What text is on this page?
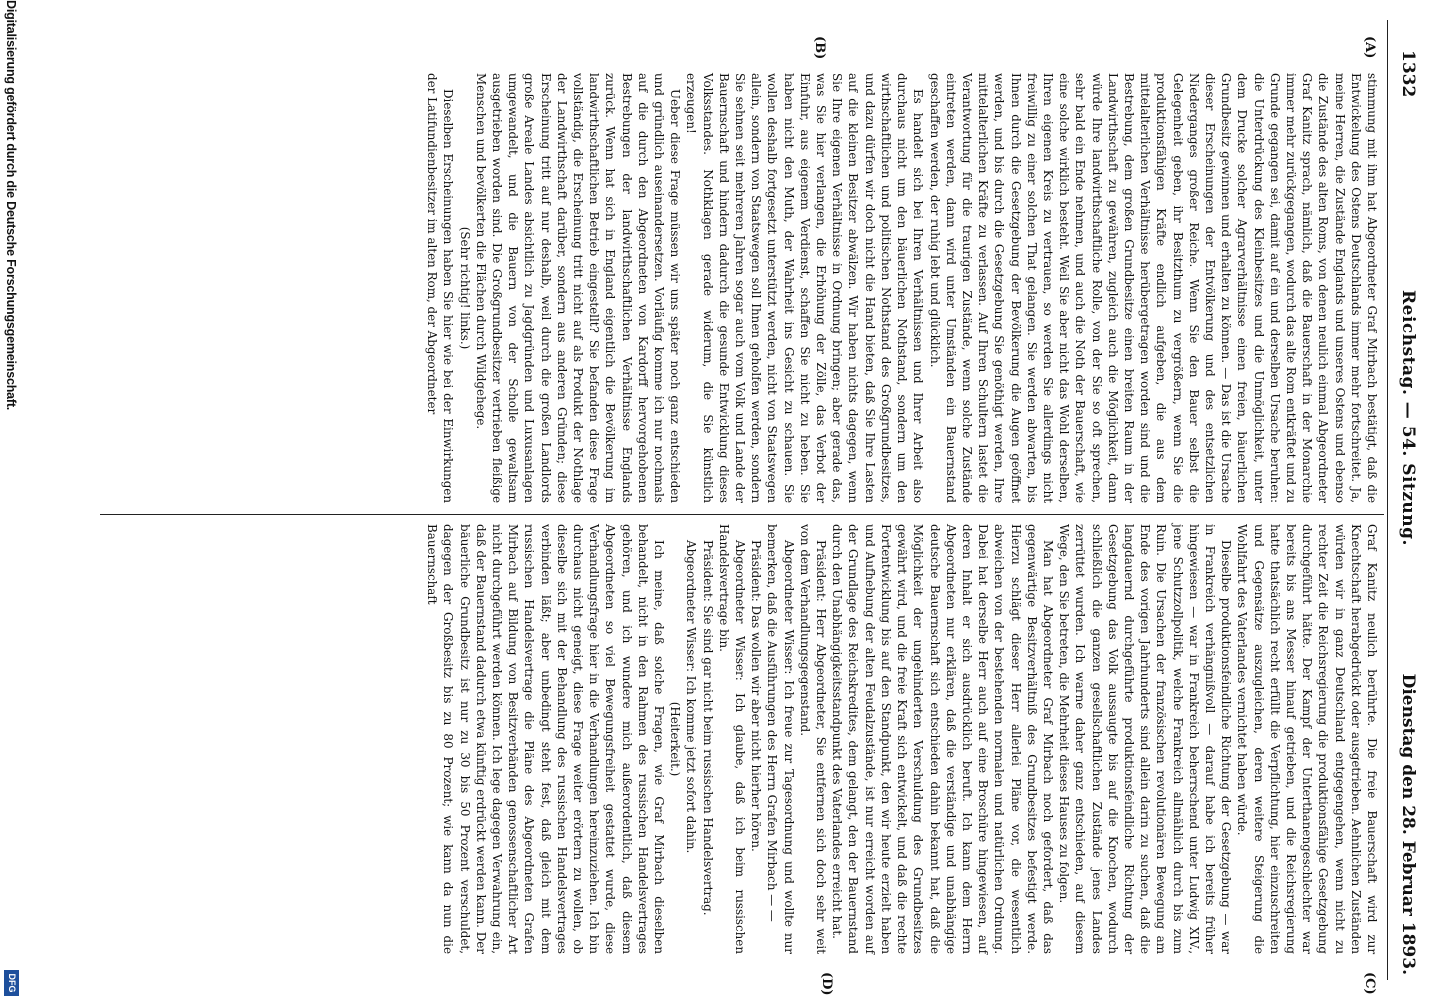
1332
Reichstag. — 54. Sitzung.
Dienstag den 28. Februar 1893.
(A)
(B)
(C)
(D)

stimmung mit ihm hat Abgeordneter Graf Mirbach bestätigt, daß die Entwickelung des Ostens Deutschlands immer mehr fortschreitet. Ja, meine Herren, die Zustände Englands und unseres Ostens und ebenso die Zustände des alten Roms, von denen neulich einmal Abgeordneter Graf Kanitz sprach, nämlich, daß die Bauerschaft in der Monarchie immer mehr zurückgegangen, wodurch das alte Rom entkräftet und zu Grunde gegangen sei, damit auf ein und derselben Ursache beruhen: die Unterdrückung des Kleinbesitzes und die Unmöglichkeit, unter dem Drucke solcher Agrarverhältnisse einen freien, bäuerlichen Grundbesitz gewinnen und erhalten zu können. — Das ist die Ursache dieser Erscheinungen der Entvölkerung und des entsetzlichen Niederganges großer Reiche. Wenn Sie den Bauer selbst die Gelegenheit geben, ihr Besitzthum zu vergrößern, wenn Sie die produktionsfähigen Kräfte endlich aufgeben, die aus dem mittelalterlichen Verhältnisse herübergetragen worden sind und die Bestrebung, dem großen Grundbesitze einen breiten Raum in der Landwirthschaft zu gewähren, zugleich auch die Möglichkeit, dann würde Ihre landwirthschaftliche Rolle, von der Sie so oft sprechen, sehr bald ein Ende nehmen, und auch die Noth der Bauerschaft, wie eine solche wirklich besteht. Weil Sie aber nicht das Wohl derselben, Ihren eigenen Kreis zu vertrauen, so werden Sie allerdings nicht freiwillig zu einer solchen That gelangen. Sie werden abwarten, bis Ihnen durch die Gesetzgebung der Bevölkerung die Augen geöffnet werden, und bis durch die Gesetzgebung Sie genöthigt werden, Ihre mittelalterlichen Kräfte zu verlassen. Auf Ihren Schultern lastet die Verantwortung für die traurigen Zustände, wenn solche Zustände eintreten werden, dann wird unter Umständen ein Bauernstand geschaffen werden, der ruhig lebt und glücklich.

Es handelt sich bei Ihren Verhältnissen und Ihrer Arbeit also durchaus nicht um den bäuerlichen Nothstand, sondern um den wirthschaftlichen und politischen Nothstand des Großgrundbesitzes, und dazu dürfen wir doch nicht die Hand bieten, daß Sie Ihre Lasten auf die kleinen Besitzer abwälzen. Wir haben nichts dagegen, wenn Sie Ihre eigenen Verhältnisse in Ordnung bringen; aber gerade das, was Sie hier verlangen, die Erhöhung der Zölle, das Verbot der Einfuhr, aus eigenem Verdienst, schaffen Sie nicht zu heben. Sie haben nicht den Muth, der Wahrheit ins Gesicht zu schauen. Sie wollen deshalb fortgesetzt unterstützt werden, nicht von Staatswegen allein, sondern von Staatswegen soll Ihnen geholfen werden, sondern Sie sehnen seit mehreren Jahren sogar auch vom Volk und Lande der Bauernschaft und hindern dadurch die gesunde Entwicklung dieses Volksstandes. Nothklagen gerade widerum, die Sie künstlich erzeugen!

Ueber diese Frage müssen wir uns später noch ganz entschieden und gründlich auseinandersetzen. Vorläufig komme ich nur nochmals auf die durch den Abgeordneten von Kardorff hervorgehobenen Bestrebungen der landwirthschaftlichen Verhältnisse Englands zurück. Wenn hat sich in England eigentlich die Bevölkerung im landwirthschaftlichen Betrieb eingestellt? Sie befanden diese Frage vollständig, die Erscheinung tritt nicht auf als Produkt der Nothlage der Landwirthschaft darüber, sondern aus anderen Gründen; diese Erscheinung tritt auf nur deshalb, weil durch die großen Landlords große Areale Landes absichtlich zu Jagdgründen und Luxusanlagen umgewandelt, und die Bauern von der Scholle gewaltsam ausgetrieben worden sind. Die Großgrundbesitzer vertrieben fleißige Menschen und bevölkerten die Flächen durch Wildgehege.

(Sehr richtig! links.)

Dieselben Erscheinungen haben Sie hier wie bei der Einwirkungen der Latifundienbesitzer im alten Rom, der Abgeordneter

Graf Kanitz neulich berührte. Die freie Bauerschaft wird zur Knechtschaft herabgedrückt oder ausgetrieben. Aehnlichen Zuständen würden wir in ganz Deutschland entgegengehen, wenn nicht zu rechter Zeit die Reichsregierung die produktionsfähige Gesetzgebung durchgeführt hätte. Der Kampf der Unterthanengeschlechter war bereits bis ans Messer hinauf getrieben, und die Reichsregierung hatte thatsächlich recht erfüllt die Verpflichtung, hier einzuschreiten und Gegensätze auszugleichen, deren weitere Steigerung die Wohlfahrt des Vaterlandes vernichtet haben würde.

Dieselbe produktionsfeindliche Richtung der Gesetzgebung — war in Frankreich verhängnißvoll — darauf habe ich bereits früher hingewiesen — war in Frankreich beherrschend unter Ludwig XIV., jene Schutzzollpolitik, welche Frankreich allmählich durch bis zum Ruin. Die Ursachen der französischen revolutionären Bewegung am Ende des vorigen Jahrhunderts sind allein darin zu suchen, daß die langdauernd durchgeführte produktionsfeindliche Richtung der Gesetzgebung das Volk aussaugte bis auf die Knochen, wodurch schließlich die ganzen gesellschaftlichen Zustände jenes Landes zerrüttet wurden. Ich warne daher ganz entschieden, auf diesem Wege, den Sie betreten, die Mehrheit dieses Hauses zu folgen.

Man hat Abgeordneter Graf Mirbach noch gefordert, daß das gegenwärtige Besitzverhältniß des Grundbesitzes befestigt werde. Hierzu schlägt dieser Herr allerlei Pläne vor, die wesentlich abweichen von der bestehenden normalen und natürlichen Ordnung. Dabei hat derselbe Herr auch auf eine Broschüre hingewiesen, auf deren Inhalt er sich ausdrücklich beruft. Ich kann dem Herrn Abgeordneten nur erklären, daß die verständige und unabhängige deutsche Bauernschaft sich entschieden dahin bekannt hat, daß die Möglichkeit der ungehinderten Verschuldung des Grundbesitzes gewährt wird, und die freie Kraft sich entwickelt, und daß die rechte Fortentwicklung bis auf den Standpunkt, den wir heute erzielt haben und Aufhebung der alten Feudalzustände, ist nur erreicht worden auf der Grundlage des Reichskredites, dem gelangt, den der Bauernstand durch den Unabhängigkeitsstandpunkt des Vaterlandes erreicht hat.

Präsident: Herr Abgeordneter, Sie entfernen sich doch sehr weit von dem Verhandlungsgegenstand.

Abgeordneter Wisser: Ich freue zur Tagesordnung und wollte nur bemerken, daß die Ausführungen des Herrn Grafen Mirbach — —

Präsident: Das wollen wir aber nicht hierher hören.

Abgeordneter Wisser: Ich glaube, daß ich beim russischen Handelsvertrage bin.

Präsident: Sie sind gar nicht beim russischen Handelsvertrag.

Abgeordneter Wisser: Ich komme jetzt sofort dahin.

(Heiterkeit.)

Ich meine, daß solche Fragen, wie Graf Mirbach dieselben behandelt, nicht in den Rahmen des russischen Handelsvertrages gehören, und ich wundere mich außerordentlich, daß diesem Abgeordneten so viel Bewegungsfreiheit gestattet wurde, diese Verhandlungsfrage hier in die Verhandlungen hereinzuziehen. Ich bin durchaus nicht geneigt, diese Frage weiter erörtern zu wollen, ob dieselbe sich mit der Behandlung des russischen Handelsvertrages verbinden läßt; aber unbedingt steht fest, daß gleich mit dem russischen Handelsvertrage die Pläne des Abgeordneten Grafen Mirbach auf Bildung von Besitzverbänden genossenschaftlicher Art nicht durchgeführt werden können. Ich lege dagegen Verwahrung ein, daß der Bauernstand dadurch etwa künftig erdrückt werden kann. Der bäuerliche Grundbesitz ist nur zu 30 bis 50 Prozent verschuldet, dagegen der Großbesitz bis zu 80 Prozent; wie kann da nun die Bauernschaft

Digitalisierung gefördert durch die Deutsche Forschungsgemeinschaft.
DFG
